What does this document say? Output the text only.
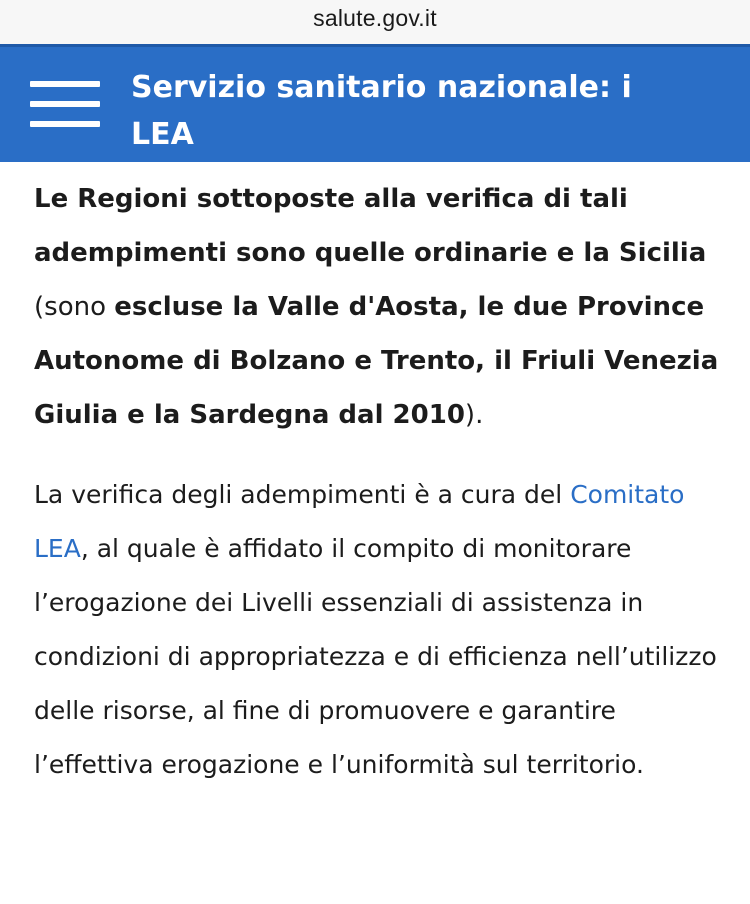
salute.gov.it
Servizio sanitario nazionale: i LEA

Le Regioni sottoposte alla verifica di tali adempimenti sono quelle ordinarie e la Sicilia (sono escluse la Valle d'Aosta, le due Province Autonome di Bolzano e Trento, il Friuli Venezia Giulia e la Sardegna dal 2010).

La verifica degli adempimenti è a cura del Comitato LEA, al quale è affidato il compito di monitorare l’erogazione dei Livelli essenziali di assistenza in condizioni di appropriatezza e di efficienza nell’utilizzo delle risorse, al fine di promuovere e garantire l’effettiva erogazione e l’uniformità sul territorio.
